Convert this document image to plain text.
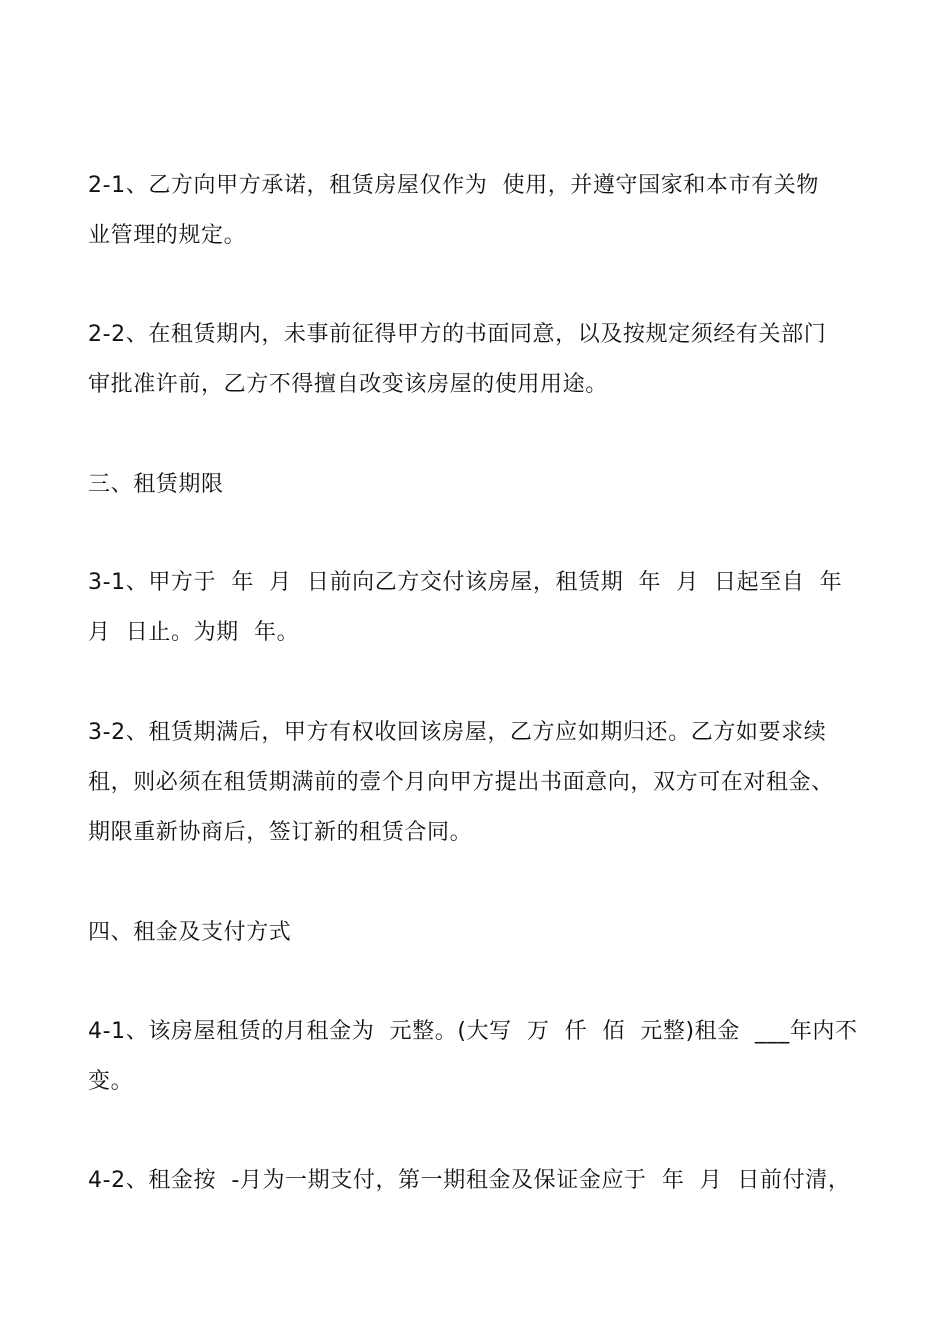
2-1、乙方向甲方承诺，租赁房屋仅作为  使用，并遵守国家和本市有关物
业管理的规定。

2-2、在租赁期内，未事前征得甲方的书面同意，以及按规定须经有关部门
审批准许前，乙方不得擅自改变该房屋的使用用途。

三、租赁期限

3-1、甲方于  年  月  日前向乙方交付该房屋，租赁期  年  月  日起至自  年
月  日止。为期  年。

3-2、租赁期满后，甲方有权收回该房屋，乙方应如期归还。乙方如要求续
租，则必须在租赁期满前的壹个月向甲方提出书面意向，双方可在对租金、
期限重新协商后，签订新的租赁合同。

四、租金及支付方式

4-1、该房屋租赁的月租金为  元整。(大写  万  仟  佰  元整)租金  ___年内不
变。

4-2、租金按  -月为一期支付，第一期租金及保证金应于  年  月  日前付清，
